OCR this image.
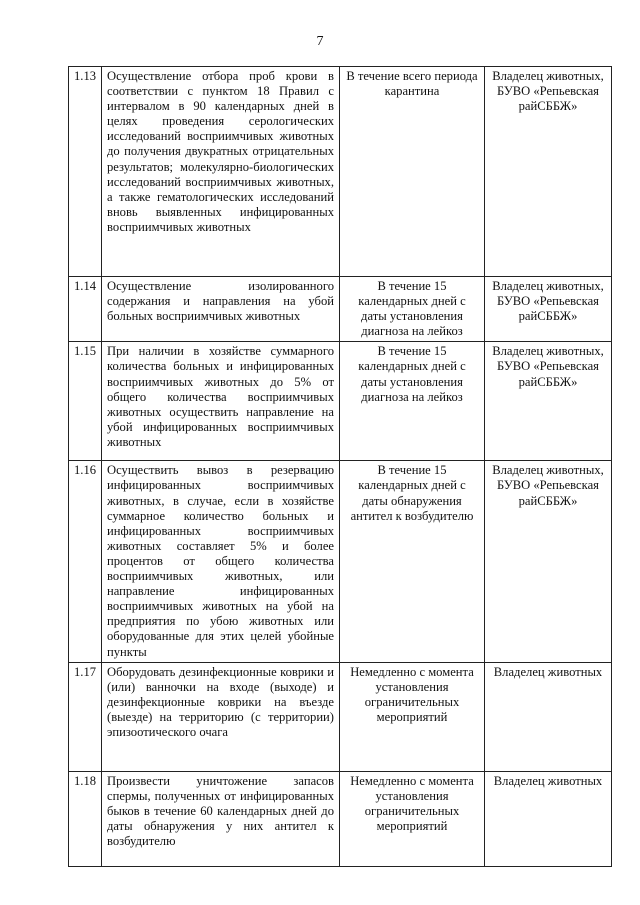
7
1.13	Осуществление отбора проб крови в соответствии с пунктом 18 Правил с интервалом в 90 календарных дней в целях проведения серологических исследований восприимчивых животных до получения двукратных отрицательных результатов; молекулярно-биологических исследований восприимчивых животных, а также гематологических исследований вновь выявленных инфицированных восприимчивых животных	В течение всего периода карантина	Владелец животных, БУВО «Репьевская райСББЖ»
1.14	Осуществление изолированного содержания и направления на убой больных восприимчивых животных	В течение 15 календарных дней с даты установления диагноза на лейкоз	Владелец животных, БУВО «Репьевская райСББЖ»
1.15	При наличии в хозяйстве суммарного количества больных и инфицированных восприимчивых животных до 5% от общего количества восприимчивых животных осуществить направление на убой инфицированных восприимчивых животных	В течение 15 календарных дней с даты установления диагноза на лейкоз	Владелец животных, БУВО «Репьевская райСББЖ»
1.16	Осуществить вывоз в резервацию инфицированных восприимчивых животных, в случае, если в хозяйстве суммарное количество больных и инфицированных восприимчивых животных составляет 5% и более процентов от общего количества восприимчивых животных, или направление инфицированных восприимчивых животных на убой на предприятия по убою животных или оборудованные для этих целей убойные пункты	В течение 15 календарных дней с даты обнаружения антител к возбудителю	Владелец животных, БУВО «Репьевская райСББЖ»
1.17	Оборудовать дезинфекционные коврики и (или) ванночки на входе (выходе) и дезинфекционные коврики на въезде (выезде) на территорию (с территории) эпизоотического очага	Немедленно с момента установления ограничительных мероприятий	Владелец животных
1.18	Произвести уничтожение запасов спермы, полученных от инфицированных быков в течение 60 календарных дней до даты обнаружения у них антител к возбудителю	Немедленно с момента установления ограничительных мероприятий	Владелец животных
